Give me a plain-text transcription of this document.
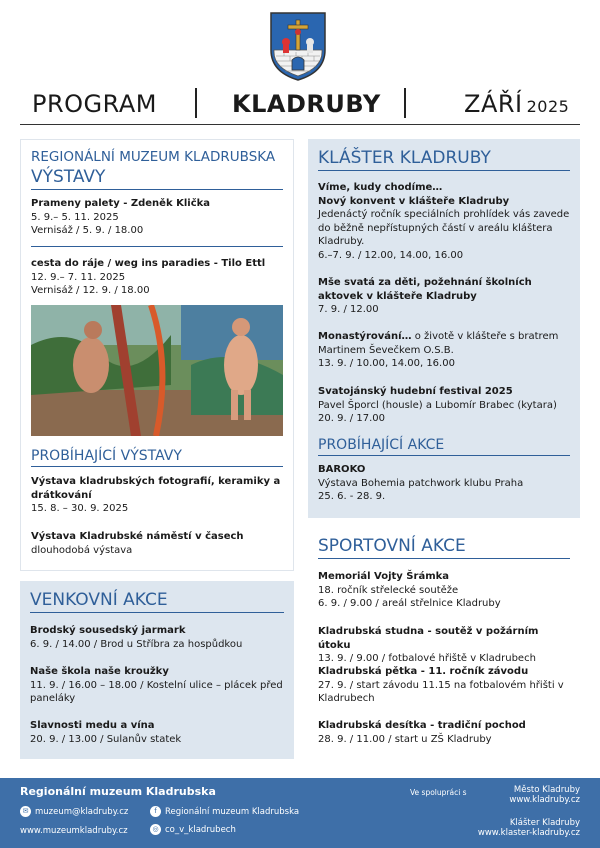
PROGRAM	KLADRUBY	ZÁŘÍ 2025
REGIONÁLNÍ MUZEUM KLADRUBSKA
VÝSTAVY
Prameny palety - Zdeněk Klička
5. 9.– 5. 11. 2025
Vernisáž / 5. 9. / 18.00
cesta do ráje / weg ins paradies - Tilo Ettl
12. 9.– 7. 11. 2025
Vernisáž / 12. 9. / 18.00
PROBÍHAJÍCÍ VÝSTAVY
Výstava kladrubských fotografií, keramiky a drátkování
15. 8. – 30. 9. 2025
Výstava Kladrubské náměstí v časech
dlouhodobá výstava
VENKOVNÍ AKCE
Brodský sousedský jarmark
6. 9. / 14.00 / Brod u Stříbra za hospůdkou
Naše škola naše kroužky
11. 9. / 16.00 – 18.00 / Kostelní ulice – plácek před paneláky
Slavnosti medu a vína
20. 9. / 13.00 / Sulanův statek
KLÁŠTER KLADRUBY
Víme, kudy chodíme…
Nový konvent v klášteře Kladruby
Jedenáctý ročník speciálních prohlídek vás zavede do běžně nepřístupných částí v areálu kláštera Kladruby.
6.–7. 9. / 12.00, 14.00, 16.00
Mše svatá za děti, požehnání školních aktovek v klášteře Kladruby
7. 9. / 12.00
Monastýrování… o životě v klášteře s bratrem Martinem Ševečkem O.S.B.
13. 9. / 10.00, 14.00, 16.00
Svatojánský hudební festival 2025
Pavel Šporcl (housle) a Lubomír Brabec (kytara)
20. 9. / 17.00
PROBÍHAJÍCÍ AKCE
BAROKO
Výstava Bohemia patchwork klubu Praha
25. 6. - 28. 9.
SPORTOVNÍ AKCE
Memoriál Vojty Šrámka
18. ročník střelecké soutěže
6. 9. / 9.00 / areál střelnice Kladruby
Kladrubská studna - soutěž v požárním útoku
13. 9. / 9.00 / fotbalové hřiště v Kladrubech
Kladrubská pětka - 11. ročník závodu
27. 9. / start závodu 11.15 na fotbalovém hřišti v Kladrubech
Kladrubská desítka - tradiční pochod
28. 9. / 11.00 / start u ZŠ Kladruby
Regionální muzeum Kladrubska
✉ muzeum@kladruby.cz	f Regionální muzeum Kladrubska
www.muzeumkladruby.cz	◎ co_v_kladrubech
Ve spolupráci s	Město Kladruby
www.kladruby.cz
Klášter Kladruby
www.klaster-kladruby.cz
